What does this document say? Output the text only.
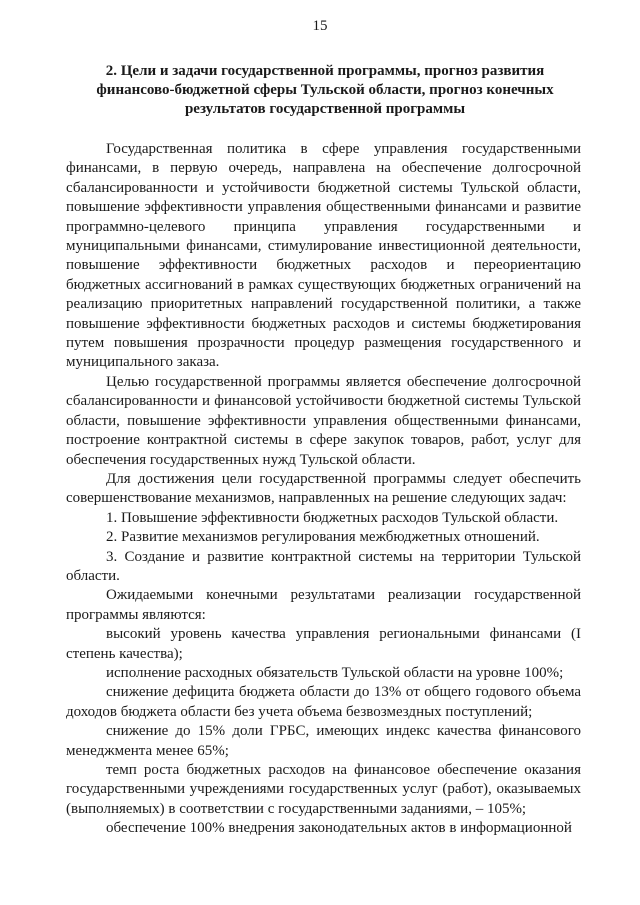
15
2. Цели и задачи государственной программы, прогноз развития финансово-бюджетной сферы Тульской области, прогноз конечных результатов государственной программы

Государственная политика в сфере управления государственными финансами, в первую очередь, направлена на обеспечение долгосрочной сбалансированности и устойчивости бюджетной системы Тульской области, повышение эффективности управления общественными финансами и развитие программно-целевого принципа управления государственными и муниципальными финансами, стимулирование инвестиционной деятельности, повышение эффективности бюджетных расходов и переориентацию бюджетных ассигнований в рамках существующих бюджетных ограничений на реализацию приоритетных направлений государственной политики, а также повышение эффективности бюджетных расходов и системы бюджетирования путем повышения прозрачности процедур размещения государственного и муниципального заказа.

Целью государственной программы является обеспечение долгосрочной сбалансированности и финансовой устойчивости бюджетной системы Тульской области, повышение эффективности управления общественными финансами, построение контрактной системы в сфере закупок товаров, работ, услуг для обеспечения государственных нужд Тульской области.

Для достижения цели государственной программы следует обеспечить совершенствование механизмов, направленных на решение следующих задач:

1. Повышение эффективности бюджетных расходов Тульской области.

2. Развитие механизмов регулирования межбюджетных отношений.

3. Создание и развитие контрактной системы на территории Тульской области.

Ожидаемыми конечными результатами реализации государственной программы являются:

высокий уровень качества управления региональными финансами (I степень качества);

исполнение расходных обязательств Тульской области на уровне 100%;

снижение дефицита бюджета области до 13% от общего годового объема доходов бюджета области без учета объема безвозмездных поступлений;

снижение до 15% доли ГРБС, имеющих индекс качества финансового менеджмента менее 65%;

темп роста бюджетных расходов на финансовое обеспечение оказания государственными учреждениями государственных услуг (работ), оказываемых (выполняемых) в соответствии с государственными заданиями, – 105%;

обеспечение 100% внедрения законодательных актов в информационной
